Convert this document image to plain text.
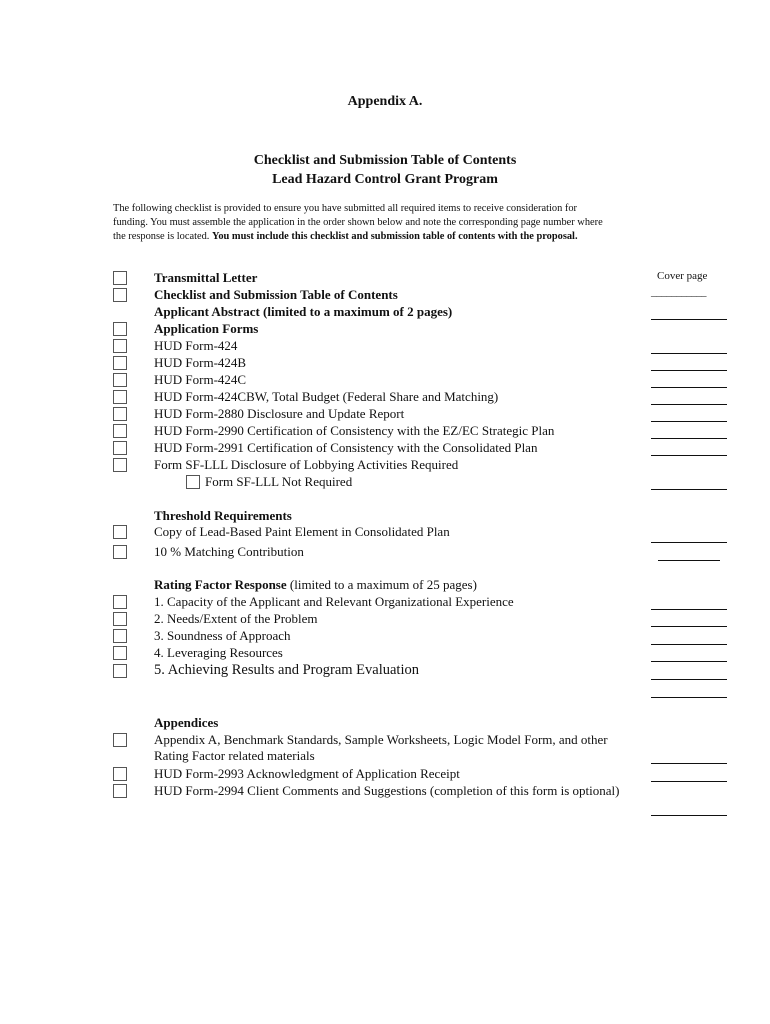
Appendix A.
Checklist and Submission Table of Contents
Lead Hazard Control Grant Program
The following checklist is provided to ensure you have submitted all required items to receive consideration for
funding. You must assemble the application in the order shown below and note the corresponding page number where
the response is located. You must include this checklist and submission table of contents with the proposal.
Cover page
___________
Transmittal Letter
Checklist and Submission Table of Contents
Applicant Abstract (limited to a maximum of 2 pages)
Application Forms
HUD Form-424
HUD Form-424B
HUD Form-424C
HUD Form-424CBW, Total Budget (Federal Share and Matching)
HUD Form-2880 Disclosure and Update Report
HUD Form-2990 Certification of Consistency with the EZ/EC Strategic Plan
HUD Form-2991 Certification of Consistency with the Consolidated Plan
Form SF-LLL Disclosure of Lobbying Activities Required
Form SF-LLL Not Required
Threshold Requirements
Copy of Lead-Based Paint Element in Consolidated Plan
10 % Matching Contribution
Rating Factor Response (limited to a maximum of 25 pages)
1. Capacity of the Applicant and Relevant Organizational Experience
2. Needs/Extent of the Problem
3. Soundness of Approach
4. Leveraging Resources
5. Achieving Results and Program Evaluation
Appendices
Appendix A, Benchmark Standards, Sample Worksheets, Logic Model Form, and other Rating Factor related materials
HUD Form-2993 Acknowledgment of Application Receipt
HUD Form-2994 Client Comments and Suggestions (completion of this form is optional)
